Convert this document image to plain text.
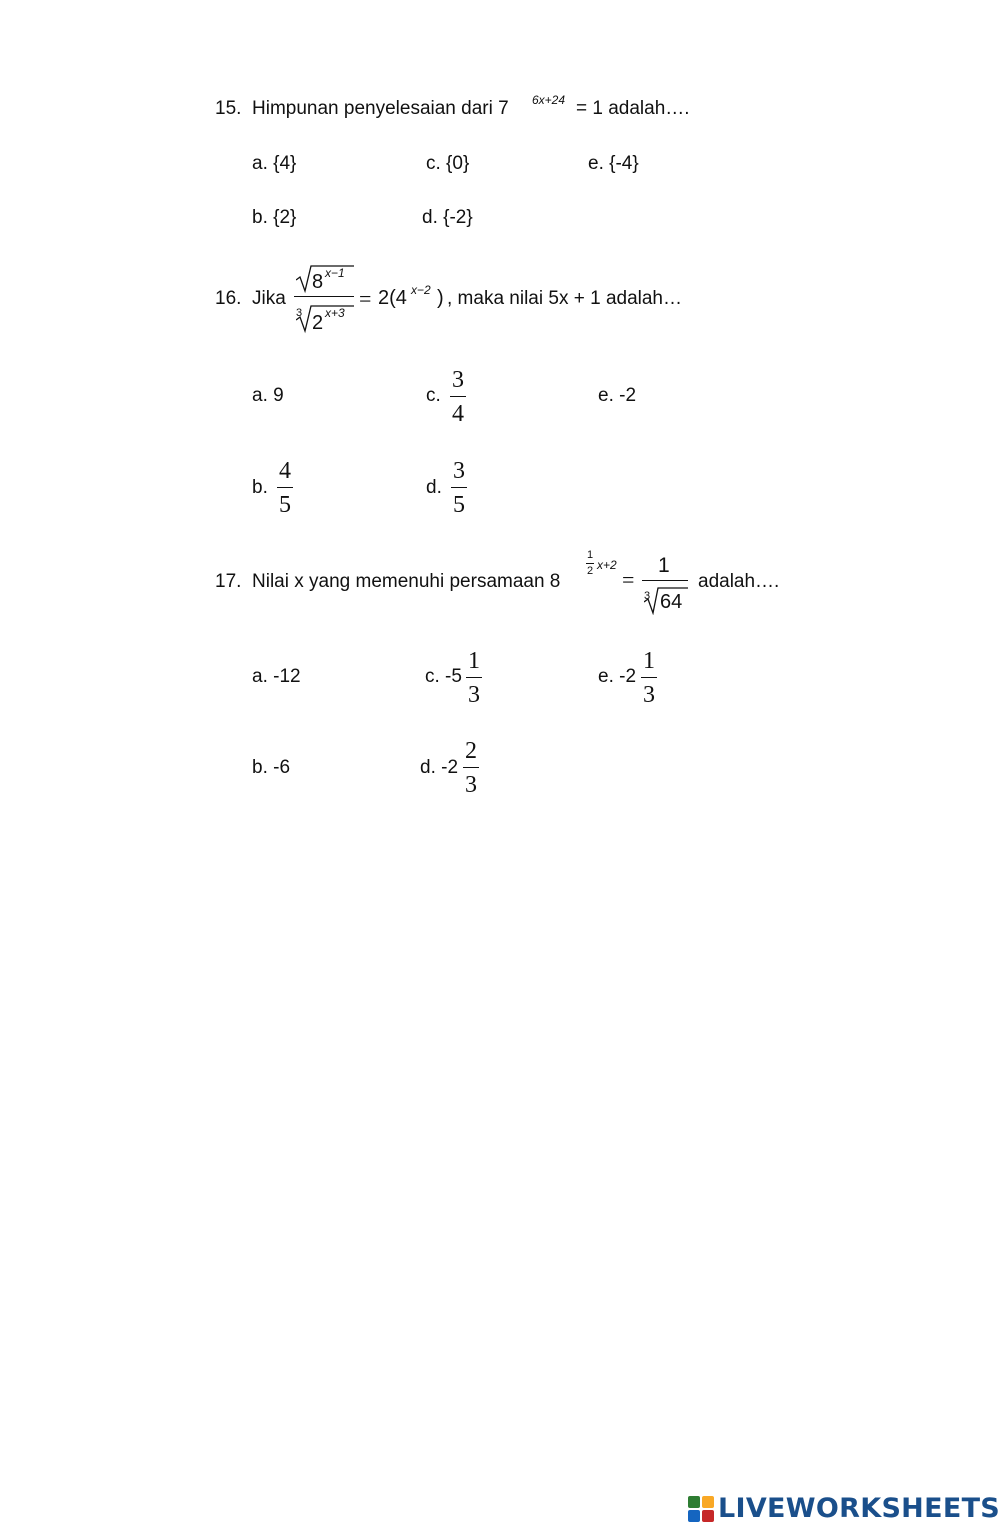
15. Himpunan penyelesaian dari 7 6x+24 = 1 adalah….
a. {4}	c. {0}	e. {-4}
b. {2}	d. {-2}
16. Jika
8 x−1
3 2 x+3
= 2(4 x−2 ) , maka nilai 5x + 1 adalah…
a. 9	c.
3
4
e. -2
b.
4
5
d.
3
5
17. Nilai x yang memenuhi persamaan 8
1
2 x+2
=
1
3 64
adalah….
a. -12	c. -5
1
3
e. -2
1
3
b. -6	d. -2
2
3
LIVEWORKSHEETS
